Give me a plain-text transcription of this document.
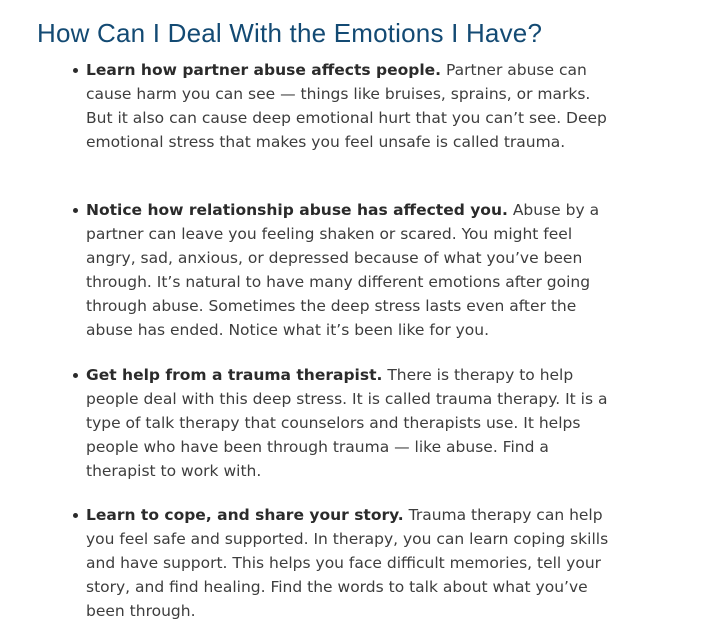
How Can I Deal With the Emotions I Have?
Learn how partner abuse affects people. Partner abuse can cause harm you can see — things like bruises, sprains, or marks. But it also can cause deep emotional hurt that you can’t see. Deep emotional stress that makes you feel unsafe is called trauma.
Notice how relationship abuse has affected you. Abuse by a partner can leave you feeling shaken or scared. You might feel angry, sad, anxious, or depressed because of what you’ve been through. It’s natural to have many different emotions after going through abuse. Sometimes the deep stress lasts even after the abuse has ended. Notice what it’s been like for you.
Get help from a trauma therapist. There is therapy to help people deal with this deep stress. It is called trauma therapy. It is a type of talk therapy that counselors and therapists use. It helps people who have been through trauma — like abuse. Find a therapist to work with.
Learn to cope, and share your story. Trauma therapy can help you feel safe and supported. In therapy, you can learn coping skills and have support. This helps you face difficult memories, tell your story, and find healing. Find the words to talk about what you’ve been through.
